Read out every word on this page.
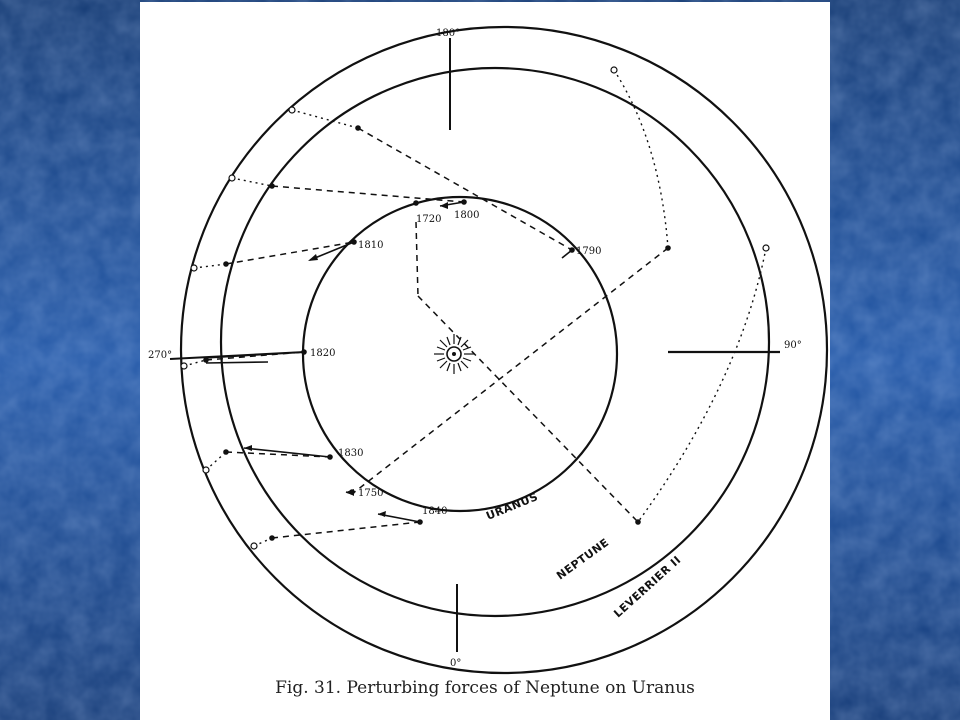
180°
90°
270°
0°
1720 1800
1790
1810
1820
1830
1750
1840	URANUS
NEPTUNE LEVERRIER II
Fig. 31. Perturbing forces of Neptune on Uranus
